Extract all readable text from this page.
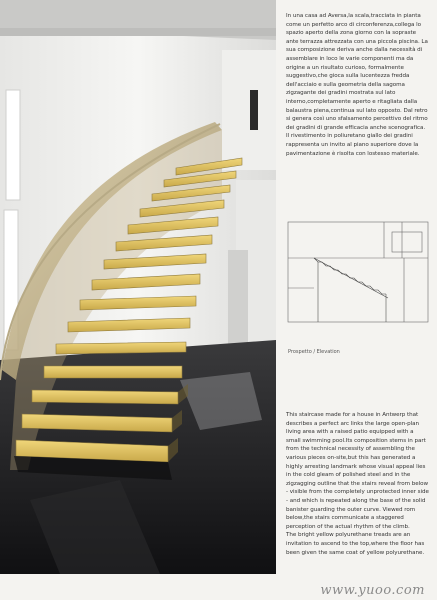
In una casa ad Aversa,la scala,tracciata in pianta come un perfetto arco di circonferenza,collega lo spazio aperto della zona giorno con la sopraste ante terrazza attrezzata con una piccola piscina. La sua composizione deriva anche dalla necessità di assemblare in loco le varie componenti ma da origine a un risultato curioso, formalmente suggestivo,che gioca sulla lucentezza fredda dell'acciaio e sulla geometria della sagoma zigzagante dei gradini mostrata sul lato interno,completamente aperto e ritagliata dalla balaustra piena,continua sul lato opposto. Dal retro si genera così uno sfalsamento percettivo del ritmo dei gradini di grande efficacia anche scenografica. Il rivestimento in poliuretano giallo dei gradini rappresenta un invito al piano superiore dove la pavimentazione è risolta con lostesso materiale.

Prospetto / Elevation

This staircase made for a house in Antwerp that describes a perfect arc links the large open-plan living area with a raised patio equipped with a small swimming pool.Its composition stems in part from the technical necessity of assembling the various pieces on-site,but this has generated a highly arresting landmark whose visual appeal lies in the cold gleam of polished steel and in the zigzagging outline that the stairs reveal from below - visible from the completely unprotected inner side - and which is repeated along the base of the solid banister guarding the outer curve. Viewed rom below,the stairs communicate a staggered perception of the actual rhythm of the climb.

The bright yellow polyurethane treads are an invitation to ascend to the top,where the floor has been given the same coat of yellow polyurethane.

www.yuoo.com
